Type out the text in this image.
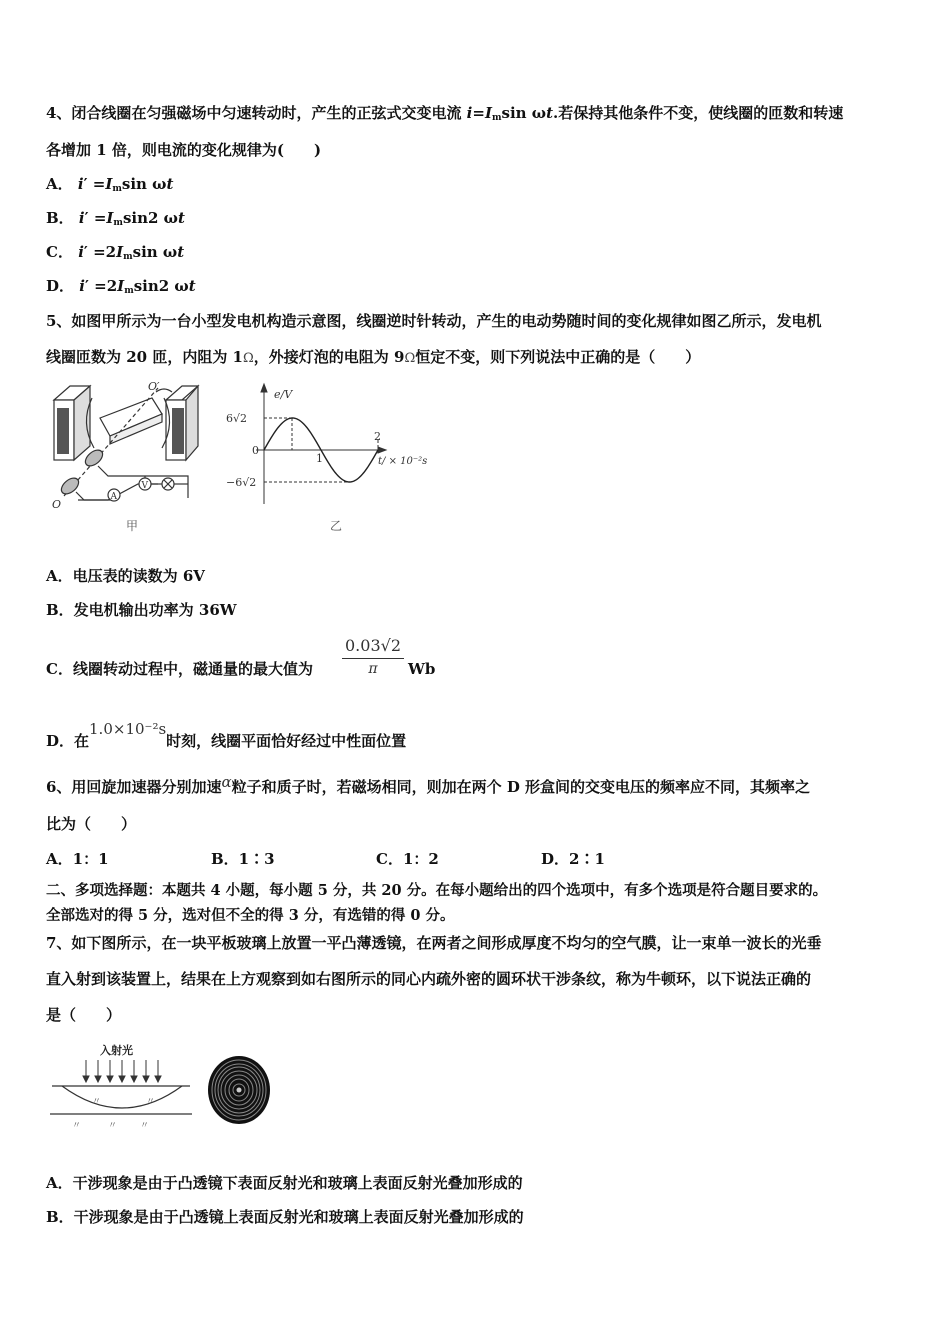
4、闭合线圈在匀强磁场中匀速转动时，产生的正弦式交变电流 $i=I_m\sin$ ωt.若保持其他条件不变，使线圈的匝数和转速
各增加 1 倍，则电流的变化规律为(　　)
A． $i' =I_m\sin$ ωt
B． $i' =I_m\sin 2$ ωt
C． $i' =2I_m\sin$ ωt
D． $i' =2I_m\sin 2$ ωt
5、如图甲所示为一台小型发电机构造示意图，线圈逆时针转动，产生的电动势随时间的变化规律如图乙所示，发电机
线圈匝数为 20 匝，内阻为 1Ω，外接灯泡的电阻为 9Ω恒定不变，则下列说法中正确的是（　　）
O′
O
A
V
甲
e/V
6√2
0
−6√2
1
2
t/ × 10⁻²s
乙
A．电压表的读数为 6V
B．发电机输出功率为 36W
C．线圈转动过程中，磁通量的最大值为 $\frac{0.03√2}{\pi}$ Wb
D．在1.0×10⁻²s时刻，线圈平面恰好经过中性面位置
6、用回旋加速器分别加速α粒子和质子时，若磁场相同，则加在两个 D 形盒间的交变电压的频率应不同，其频率之
比为（　　）
A．1：1	B．1∶3	C．1：2	D．2∶1
二、多项选择题：本题共 4 小题，每小题 5 分，共 20 分。在每小题给出的四个选项中，有多个选项是符合题目要求的。
全部选对的得 5 分，选对但不全的得 3 分，有选错的得 0 分。
7、如下图所示，在一块平板玻璃上放置一平凸薄透镜，在两者之间形成厚度不均匀的空气膜，让一束单一波长的光垂
直入射到该装置上，结果在上方观察到如右图所示的同心内疏外密的圆环状干涉条纹，称为牛顿环，以下说法正确的
是（　　）
入射光
〃	〃
〃	〃	〃
A．干涉现象是由于凸透镜下表面反射光和玻璃上表面反射光叠加形成的
B．干涉现象是由于凸透镜上表面反射光和玻璃上表面反射光叠加形成的
